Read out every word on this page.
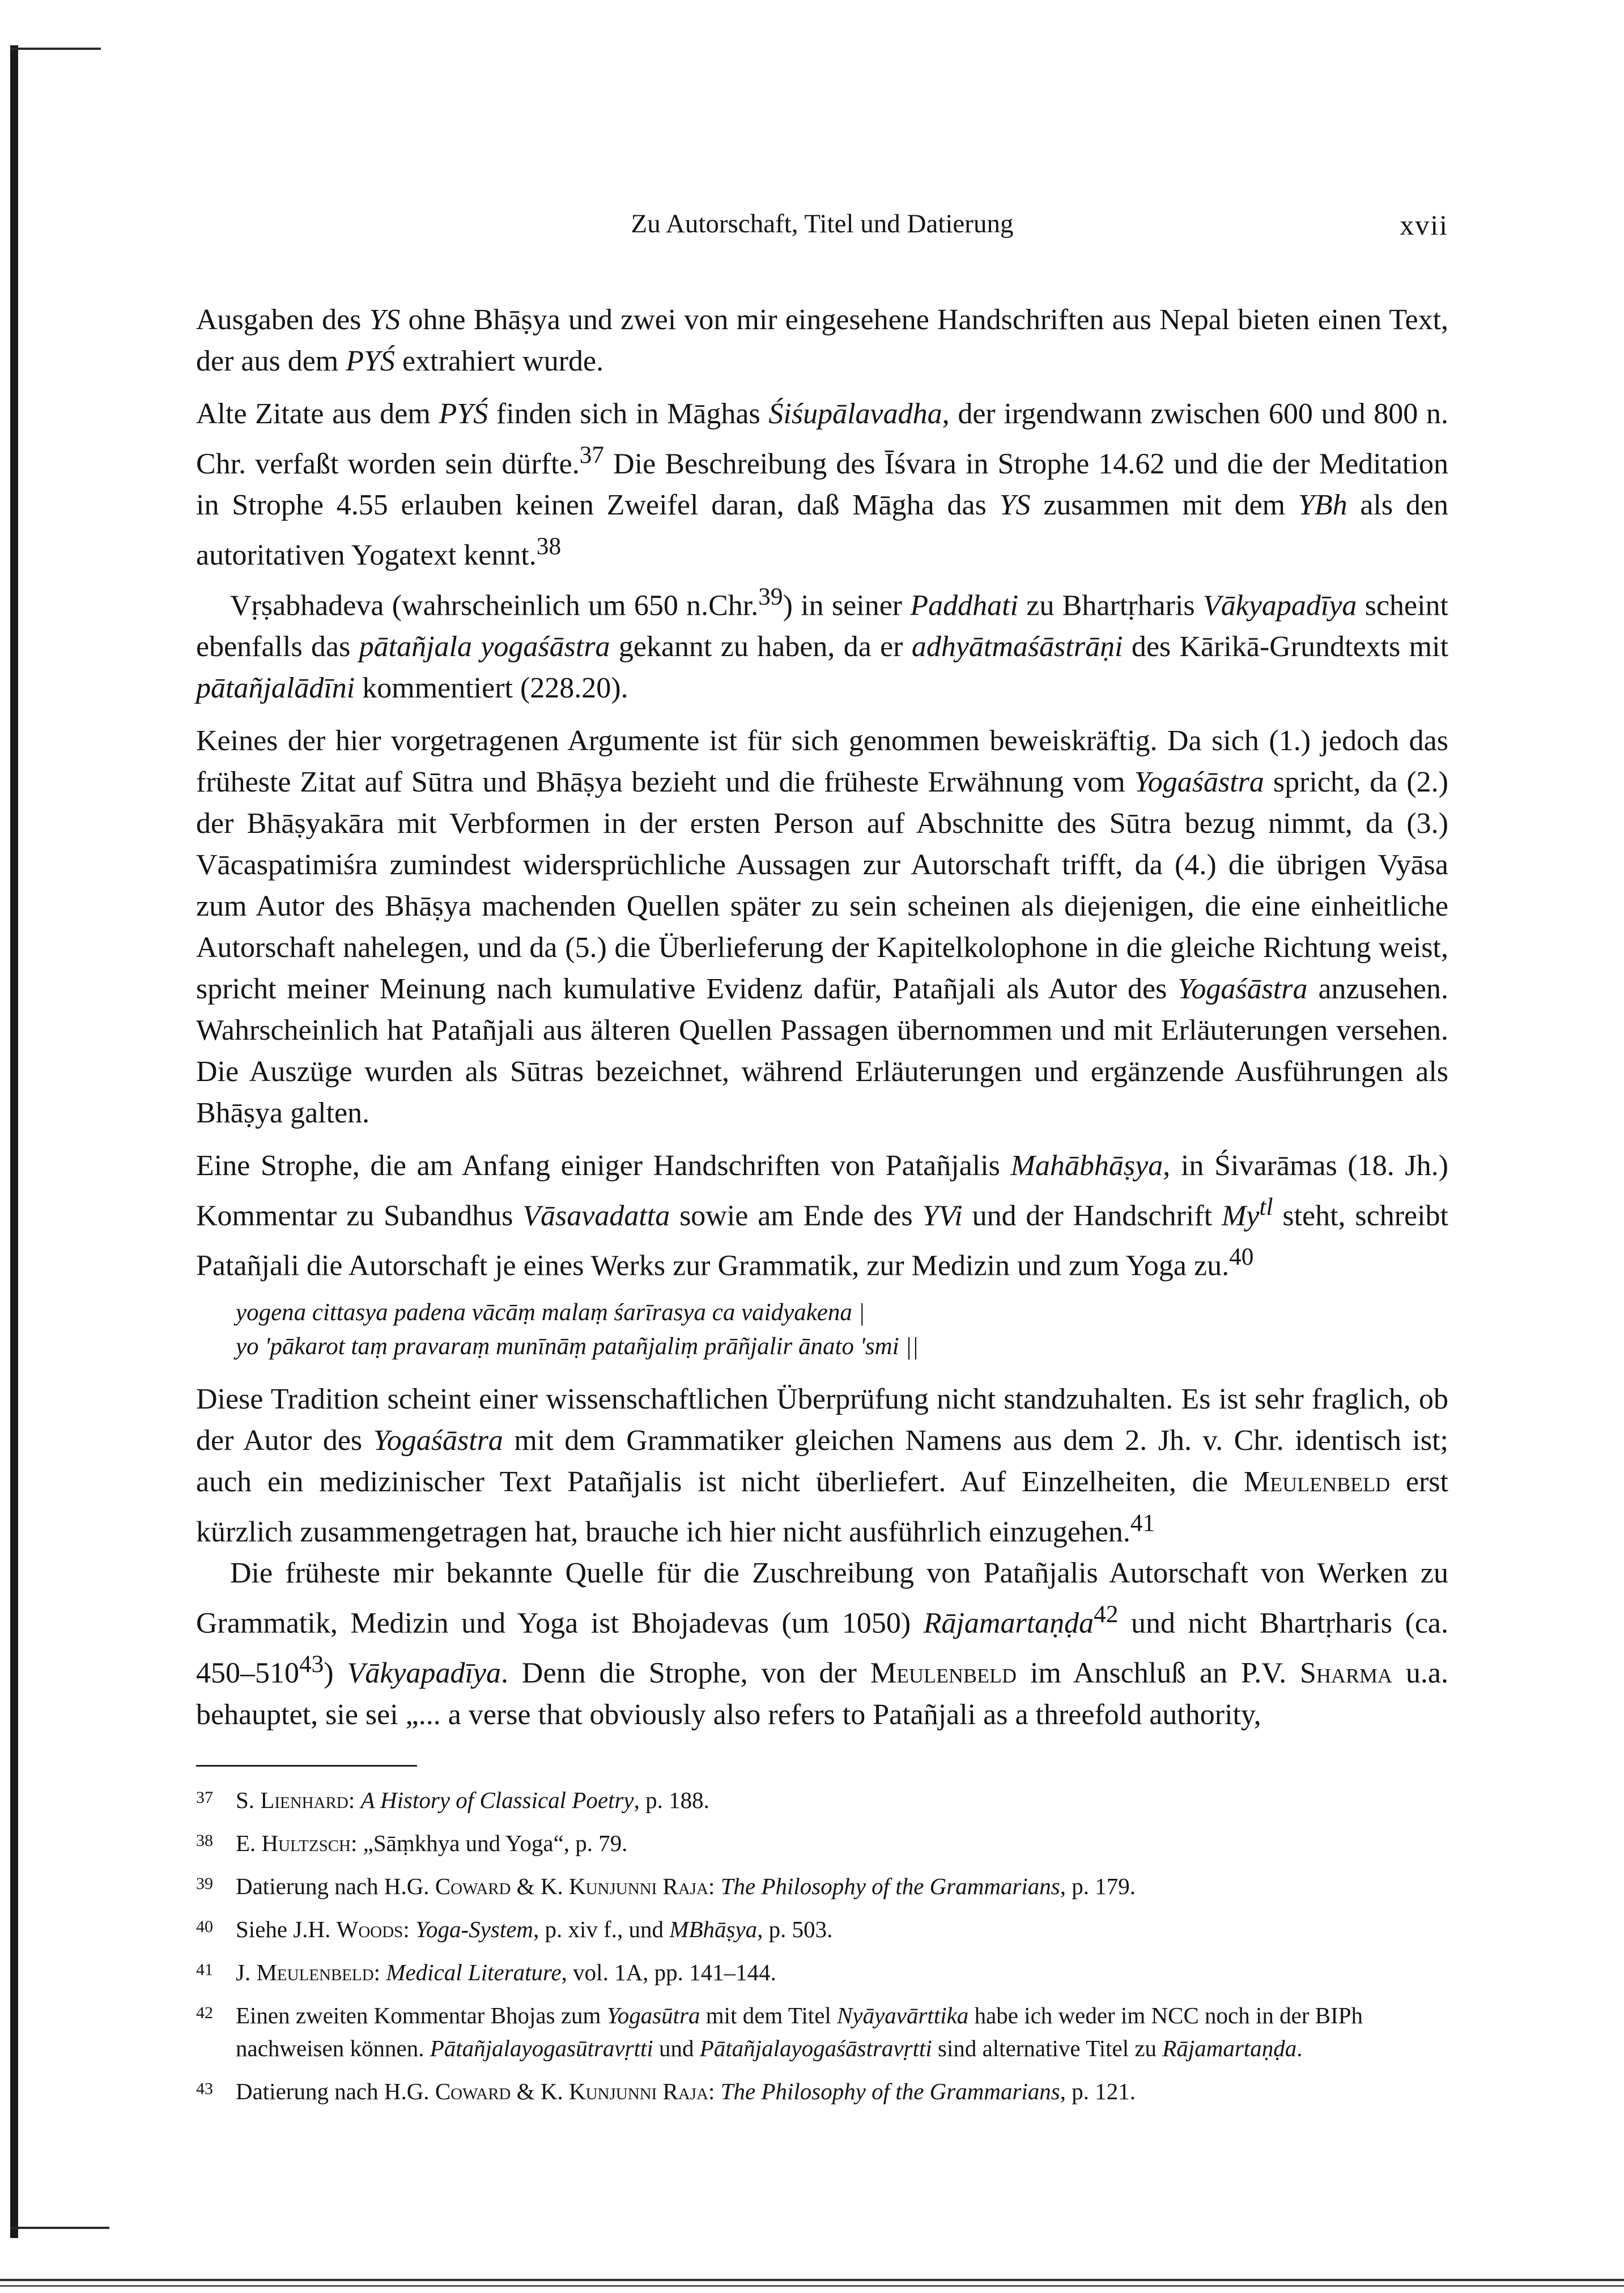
Zu Autorschaft, Titel und Datierung	xvii

Ausgaben des YS ohne Bhāṣya und zwei von mir eingesehene Handschriften aus Nepal bieten einen Text, der aus dem PYŚ extrahiert wurde.

Alte Zitate aus dem PYŚ finden sich in Māghas Śiśupālavadha, der irgendwann zwischen 600 und 800 n. Chr. verfaßt worden sein dürfte.$^{37}$ Die Beschreibung des Īśvara in Strophe 14.62 und die der Meditation in Strophe 4.55 erlauben keinen Zweifel daran, daß Māgha das YS zusammen mit dem YBh als den autoritativen Yogatext kennt.$^{38}$

Vṛṣabhadeva (wahrscheinlich um 650 n.Chr.$^{39}$) in seiner Paddhati zu Bhartṛharis Vākyapadīya scheint ebenfalls das pātañjala yogaśāstra gekannt zu haben, da er adhyātmaśāstrāṇi des Kārikā-Grundtexts mit pātañjalādīni kommentiert (228.20).

Keines der hier vorgetragenen Argumente ist für sich genommen beweiskräftig. Da sich (1.) jedoch das früheste Zitat auf Sūtra und Bhāṣya bezieht und die früheste Erwähnung vom Yogaśāstra spricht, da (2.) der Bhāṣyakāra mit Verbformen in der ersten Person auf Abschnitte des Sūtra bezug nimmt, da (3.) Vācaspatimiśra zumindest widersprüchliche Aussagen zur Autorschaft trifft, da (4.) die übrigen Vyāsa zum Autor des Bhāṣya machenden Quellen später zu sein scheinen als diejenigen, die eine einheitliche Autorschaft nahelegen, und da (5.) die Überlieferung der Kapitelkolophone in die gleiche Richtung weist, spricht meiner Meinung nach kumulative Evidenz dafür, Patañjali als Autor des Yogaśāstra anzusehen. Wahrscheinlich hat Patañjali aus älteren Quellen Passagen übernommen und mit Erläuterungen versehen. Die Auszüge wurden als Sūtras bezeichnet, während Erläuterungen und ergänzende Ausführungen als Bhāṣya galten.

Eine Strophe, die am Anfang einiger Handschriften von Patañjalis Mahābhāṣya, in Śivarāmas (18. Jh.) Kommentar zu Subandhus Vāsavadatta sowie am Ende des YVi und der Handschrift $My^{tl}$ steht, schreibt Patañjali die Autorschaft je eines Werks zur Grammatik, zur Medizin und zum Yoga zu.$^{40}$

yogena cittasya padena vācāṃ malaṃ śarīrasya ca vaidyakena |
yo 'pākarot taṃ pravaraṃ munīnāṃ patañjaliṃ prāñjalir ānato 'smi ||

Diese Tradition scheint einer wissenschaftlichen Überprüfung nicht standzuhalten. Es ist sehr fraglich, ob der Autor des Yogaśāstra mit dem Grammatiker gleichen Namens aus dem 2. Jh. v. Chr. identisch ist; auch ein medizinischer Text Patañjalis ist nicht überliefert. Auf Einzelheiten, die Meulenbeld erst kürzlich zusammengetragen hat, brauche ich hier nicht ausführlich einzugehen.$^{41}$

Die früheste mir bekannte Quelle für die Zuschreibung von Patañjalis Autorschaft von Werken zu Grammatik, Medizin und Yoga ist Bhojadevas (um 1050) Rājamartaṇḍa$^{42}$ und nicht Bhartṛharis (ca. $450-510^{43}$) Vākyapadīya. Denn die Strophe, von der Meulenbeld im Anschluß an P.V. Sharma u.a. behauptet, sie sei „... a verse that obviously also refers to Patañjali as a threefold authority,

37 S. Lienhard: A History of Classical Poetry, p. 188.
38 E. Hultzsch: „Sāṃkhya und Yoga“, p. 79.
39 Datierung nach H.G. Coward & K. Kunjunni Raja: The Philosophy of the Grammarians, p. 179.
40 Siehe J.H. Woods: Yoga-System, p. xiv f., und MBhāṣya, p. 503.
41 J. Meulenbeld: Medical Literature, vol. 1A, pp. 141–144.
42 Einen zweiten Kommentar Bhojas zum Yogasūtra mit dem Titel Nyāyavārttika habe ich weder im NCC noch in der BIPh nachweisen können. Pātañjalayogasūtravṛtti und Pātañjalayogaśāstravṛtti sind alternative Titel zu Rājamartaṇḍa.
43 Datierung nach H.G. Coward & K. Kunjunni Raja: The Philosophy of the Grammarians, p. 121.
